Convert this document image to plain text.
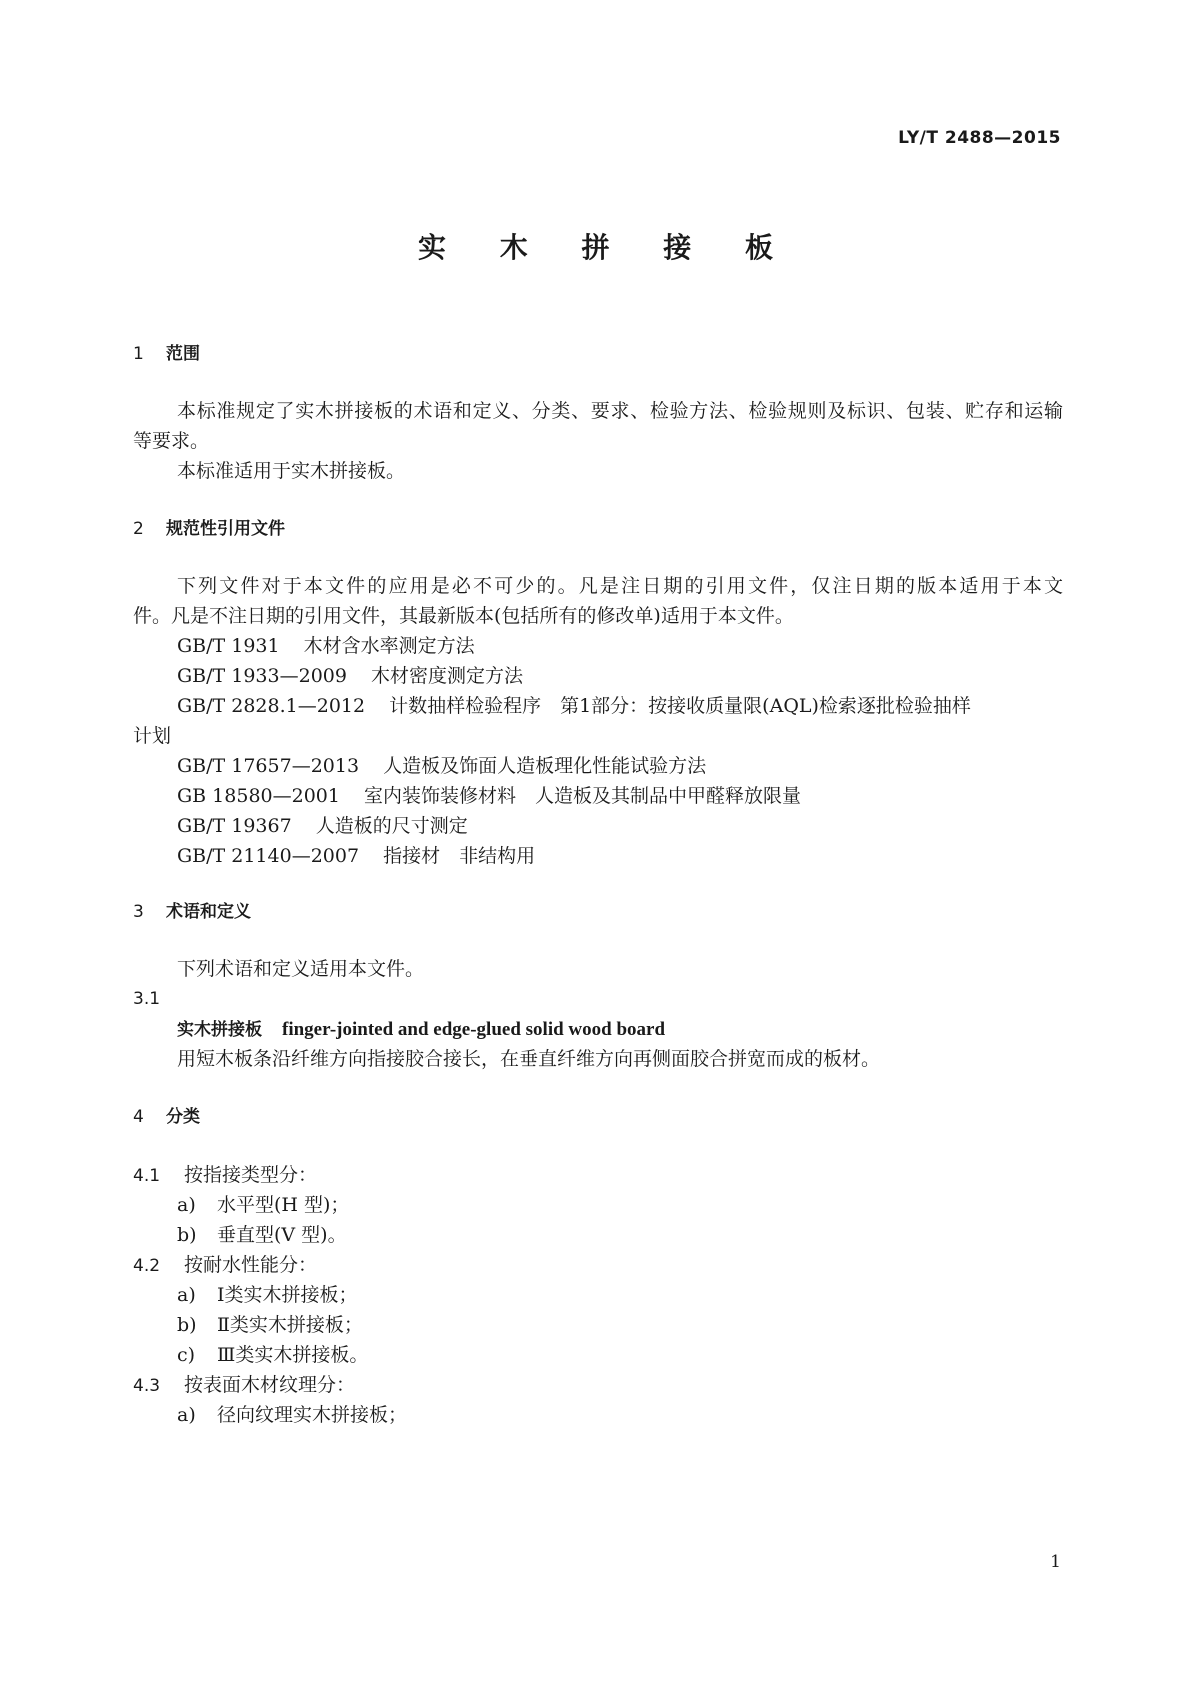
LY/T 2488—2015
实 木 拼 接 板
1 范围
本标准规定了实木拼接板的术语和定义、分类、要求、检验方法、检验规则及标识、包装、贮存和运输
等要求。
本标准适用于实木拼接板。
2 规范性引用文件
下列文件对于本文件的应用是必不可少的。凡是注日期的引用文件，仅注日期的版本适用于本文
件。凡是不注日期的引用文件，其最新版本(包括所有的修改单)适用于本文件。
GB/T 1931 木材含水率测定方法
GB/T 1933—2009 木材密度测定方法
GB/T 2828.1—2012 计数抽样检验程序　第1部分：按接收质量限(AQL)检索逐批检验抽样
计划
GB/T 17657—2013 人造板及饰面人造板理化性能试验方法
GB 18580—2001 室内装饰装修材料　人造板及其制品中甲醛释放限量
GB/T 19367 人造板的尺寸测定
GB/T 21140—2007 指接材　非结构用
3 术语和定义
下列术语和定义适用本文件。
3.1
实木拼接板 finger-jointed and edge-glued solid wood board
用短木板条沿纤维方向指接胶合接长，在垂直纤维方向再侧面胶合拼宽而成的板材。
4 分类
4.1 按指接类型分：
a) 水平型(H 型)；
b) 垂直型(V 型)。
4.2 按耐水性能分：
a) Ⅰ类实木拼接板；
b) Ⅱ类实木拼接板；
c) Ⅲ类实木拼接板。
4.3 按表面木材纹理分：
a) 径向纹理实木拼接板；
1
